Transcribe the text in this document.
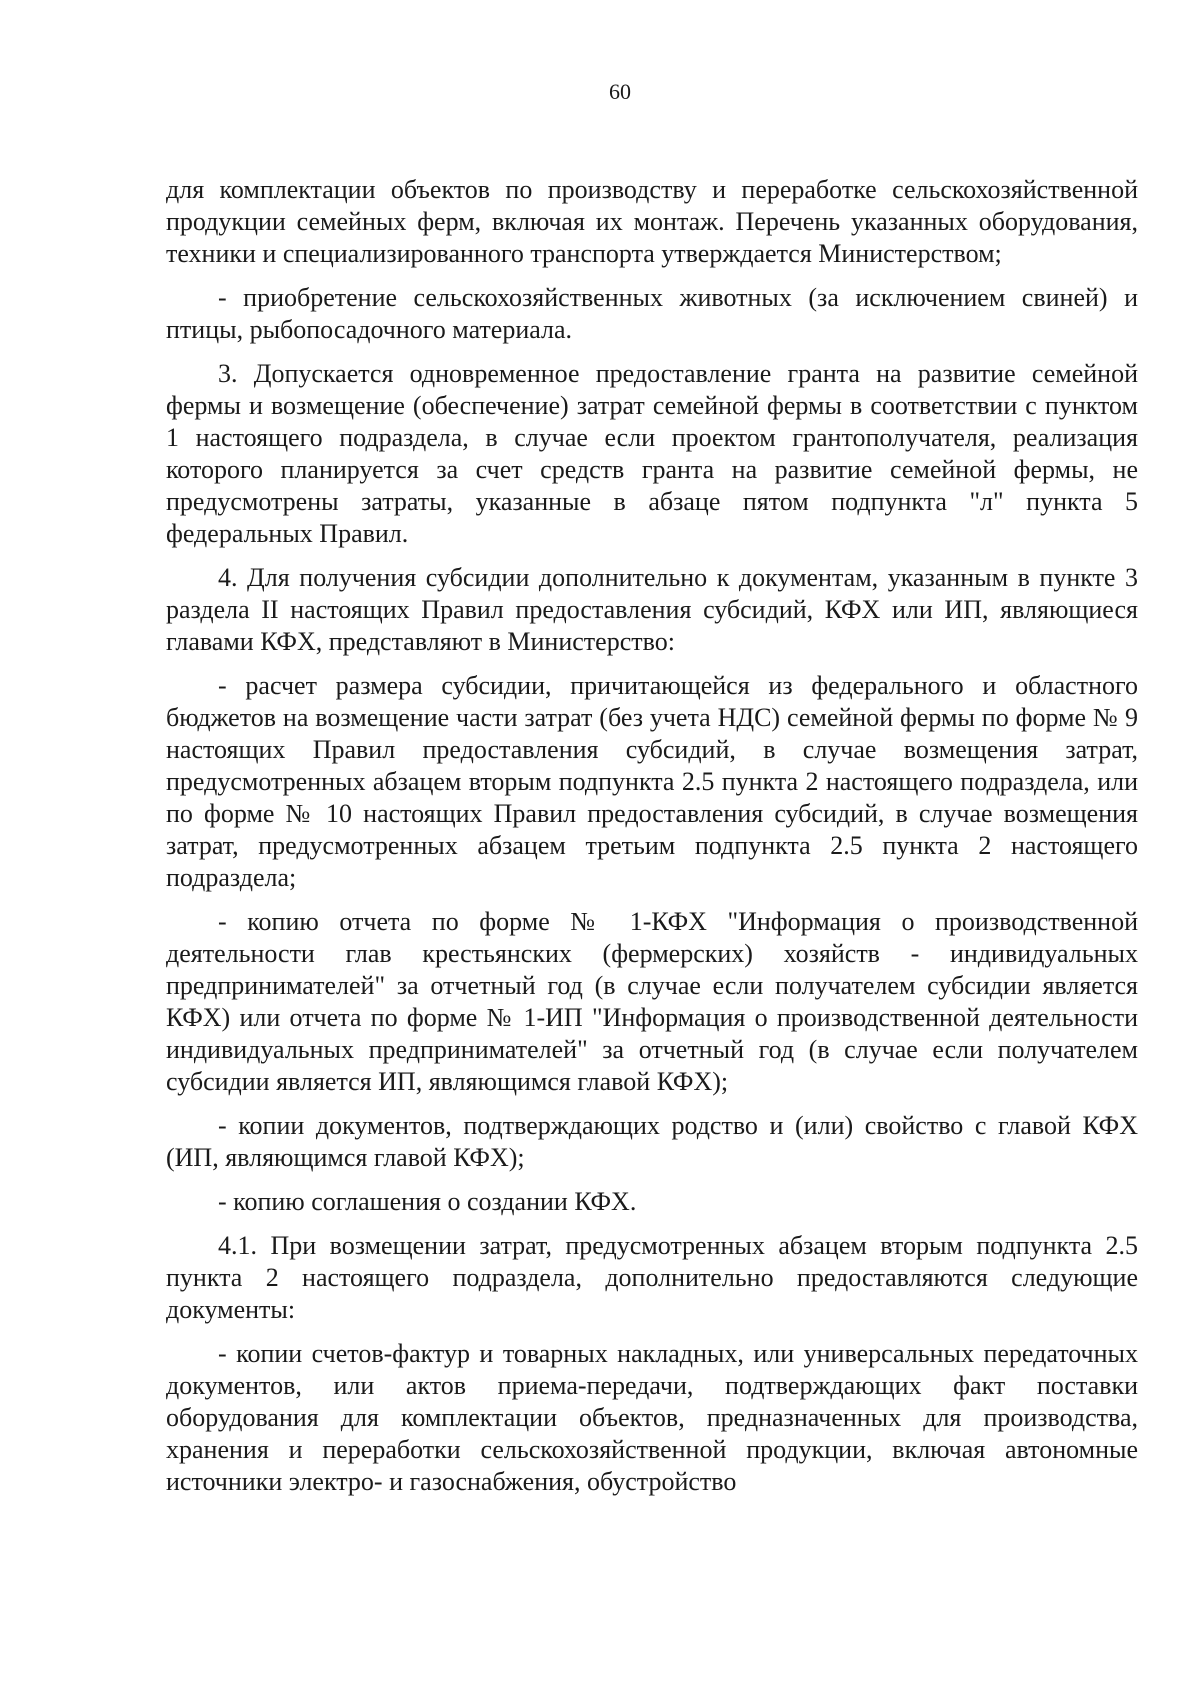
60

для комплектации объектов по производству и переработке сельскохозяйственной продукции семейных ферм, включая их монтаж. Перечень указанных оборудования, техники и специализированного транспорта утверждается Министерством;

- приобретение сельскохозяйственных животных (за исключением свиней) и птицы, рыбопосадочного материала.

3. Допускается одновременное предоставление гранта на развитие семейной фермы и возмещение (обеспечение) затрат семейной фермы в соответствии с пунктом 1 настоящего подраздела, в случае если проектом грантополучателя, реализация которого планируется за счет средств гранта на развитие семейной фермы, не предусмотрены затраты, указанные в абзаце пятом подпункта "л" пункта 5 федеральных Правил.

4. Для получения субсидии дополнительно к документам, указанным в пункте 3 раздела II настоящих Правил предоставления субсидий, КФХ или ИП, являющиеся главами КФХ, представляют в Министерство:

- расчет размера субсидии, причитающейся из федерального и областного бюджетов на возмещение части затрат (без учета НДС) семейной фермы по форме № 9 настоящих Правил предоставления субсидий, в случае возмещения затрат, предусмотренных абзацем вторым подпункта 2.5 пункта 2 настоящего подраздела, или по форме № 10 настоящих Правил предоставления субсидий, в случае возмещения затрат, предусмотренных абзацем третьим подпункта 2.5 пункта 2 настоящего подраздела;

- копию отчета по форме № 1-КФХ "Информация о производственной деятельности глав крестьянских (фермерских) хозяйств - индивидуальных предпринимателей" за отчетный год (в случае если получателем субсидии является КФХ) или отчета по форме № 1-ИП "Информация о производственной деятельности индивидуальных предпринимателей" за отчетный год (в случае если получателем субсидии является ИП, являющимся главой КФХ);

- копии документов, подтверждающих родство и (или) свойство с главой КФХ (ИП, являющимся главой КФХ);

- копию соглашения о создании КФХ.

4.1. При возмещении затрат, предусмотренных абзацем вторым подпункта 2.5 пункта 2 настоящего подраздела, дополнительно предоставляются следующие документы:

- копии счетов-фактур и товарных накладных, или универсальных передаточных документов, или актов приема-передачи, подтверждающих факт поставки оборудования для комплектации объектов, предназначенных для производства, хранения и переработки сельскохозяйственной продукции, включая автономные источники электро- и газоснабжения, обустройство
